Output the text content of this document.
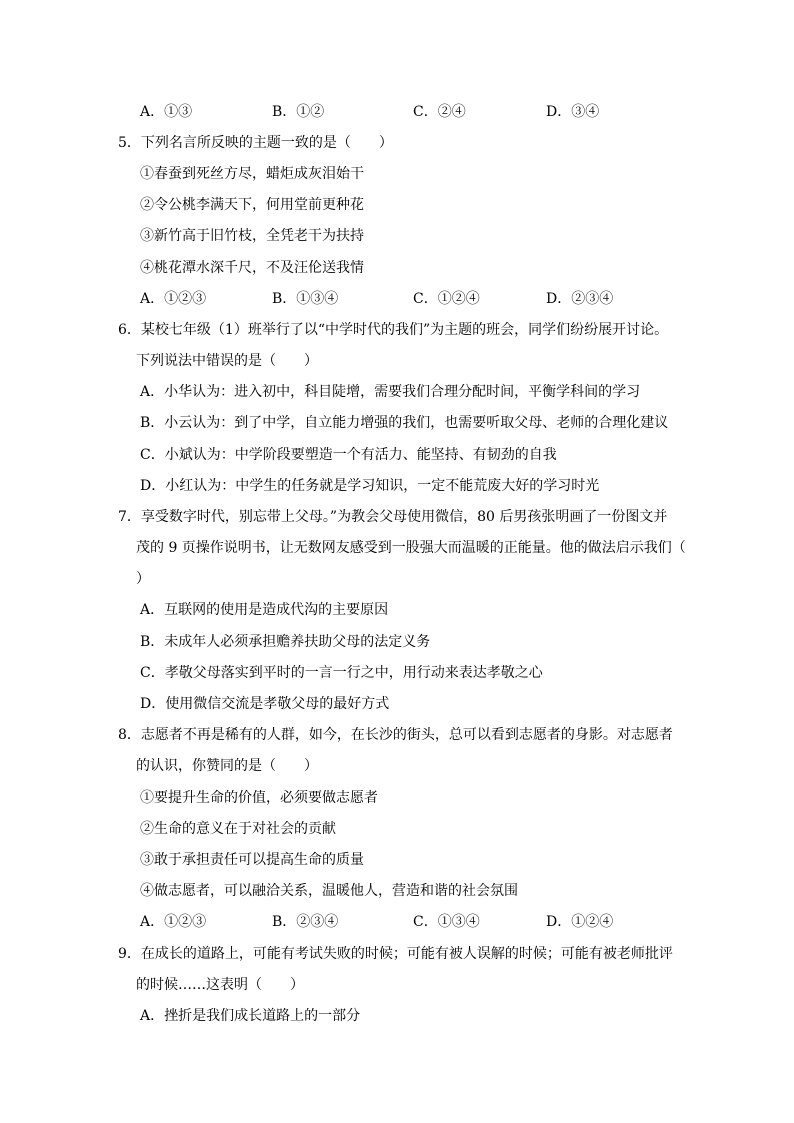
A．①③	B．①②	C．②④	D．③④
5．下列名言所反映的主题一致的是（　　）
①春蚕到死丝方尽，蜡炬成灰泪始干
②令公桃李满天下，何用堂前更种花
③新竹高于旧竹枝，全凭老干为扶持
④桃花潭水深千尺，不及汪伦送我情
A．①②③	B．①③④	C．①②④	D．②③④
6．某校七年级（1）班举行了以“中学时代的我们”为主题的班会，同学们纷纷展开讨论。
下列说法中错误的是（　　）
A．小华认为：进入初中，科目陡增，需要我们合理分配时间，平衡学科间的学习
B．小云认为：到了中学，自立能力增强的我们，也需要听取父母、老师的合理化建议
C．小斌认为：中学阶段要塑造一个有活力、能坚持、有韧劲的自我
D．小红认为：中学生的任务就是学习知识，一定不能荒废大好的学习时光
7．享受数字时代，别忘带上父母。”为教会父母使用微信，80 后男孩张明画了一份图文并
茂的 9 页操作说明书，让无数网友感受到一股强大而温暖的正能量。他的做法启示我们（
）
A．互联网的使用是造成代沟的主要原因
B．未成年人必须承担赡养扶助父母的法定义务
C．孝敬父母落实到平时的一言一行之中，用行动来表达孝敬之心
D．使用微信交流是孝敬父母的最好方式
8．志愿者不再是稀有的人群，如今，在长沙的街头，总可以看到志愿者的身影。对志愿者
的认识，你赞同的是（　　）
①要提升生命的价值，必须要做志愿者
②生命的意义在于对社会的贡献
③敢于承担责任可以提高生命的质量
④做志愿者，可以融洽关系，温暖他人，营造和谐的社会氛围
A．①②③	B．②③④	C．①③④	D．①②④
9．在成长的道路上，可能有考试失败的时候；可能有被人误解的时候；可能有被老师批评
的时候……这表明（　　）
A．挫折是我们成长道路上的一部分
